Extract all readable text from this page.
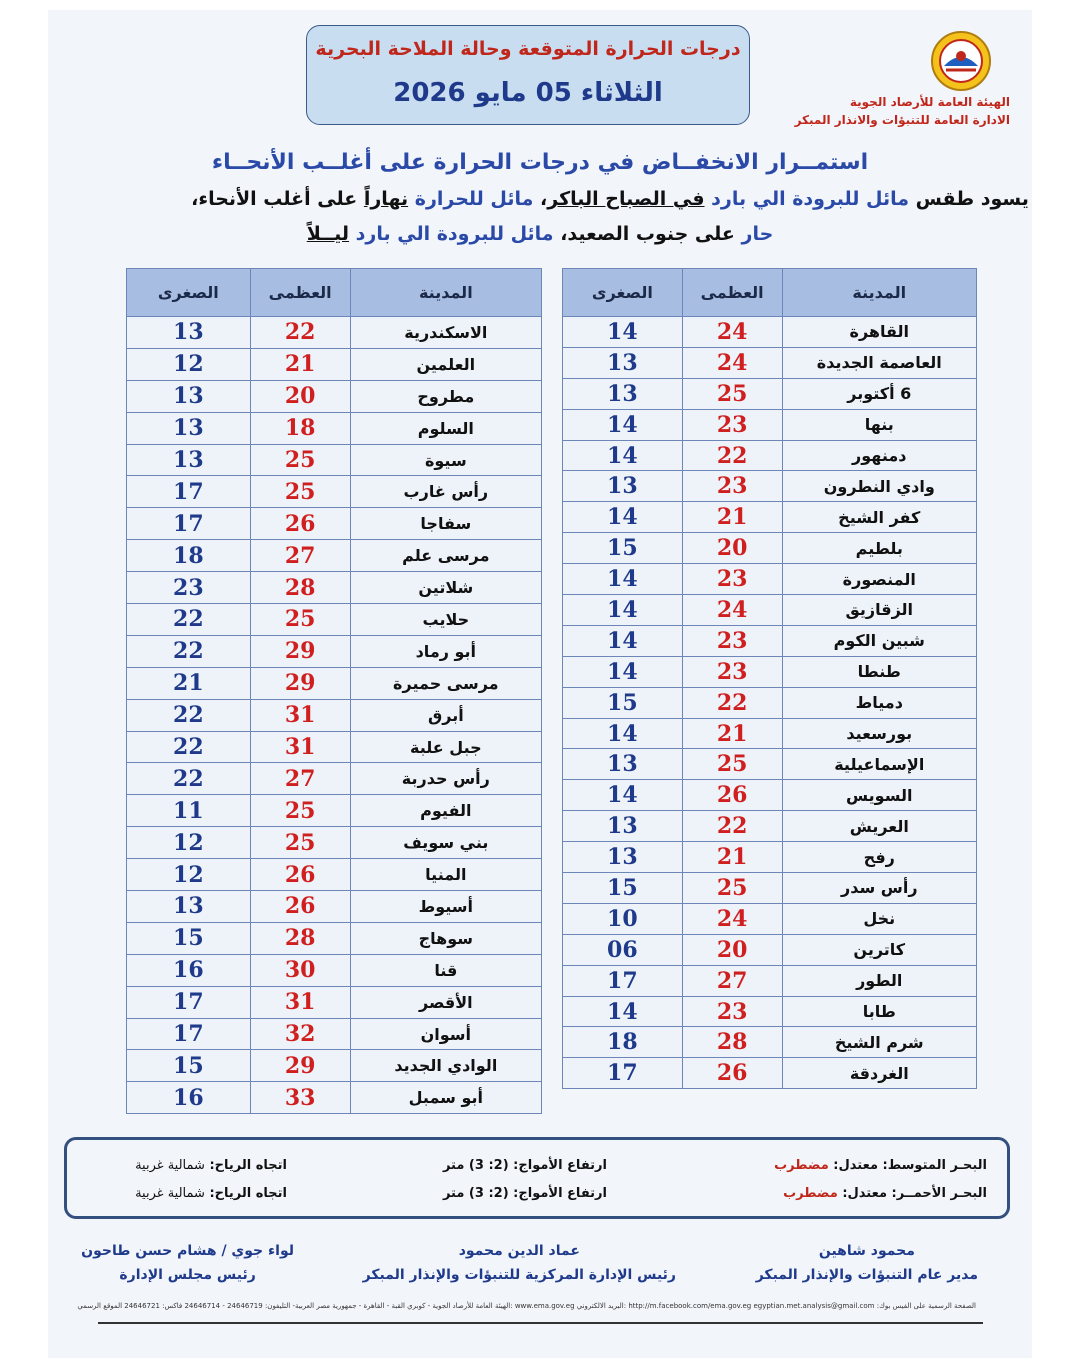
الهيئة العامة للأرصاد الجوية
الادارة العامة للتنبؤات والانذار المبكر
درجات الحرارة المتوقعة وحالة الملاحة البحرية
الثلاثاء 05 مايو 2026
استمــرار الانخفــاض في درجات الحرارة على أغلــب الأنحــاء
يسود طقس مائل للبرودة الي بارد في الصباح الباكر، مائل للحرارة نهاراً على أغلب الأنحاء،
حار على جنوب الصعيد، مائل للبرودة الي بارد ليــلاً
المدينة	العظمى	الصغرى
القاهرة	24	14
العاصمة الجديدة	24	13
6 أكتوبر	25	13
بنها	23	14
دمنهور	22	14
وادي النطرون	23	13
كفر الشيخ	21	14
بلطيم	20	15
المنصورة	23	14
الزقازيق	24	14
شبين الكوم	23	14
طنطا	23	14
دمياط	22	15
بورسعيد	21	14
الإسماعيلية	25	13
السويس	26	14
العريش	22	13
رفح	21	13
رأس سدر	25	15
نخل	24	10
كاترين	20	06
الطور	27	17
طابا	23	14
شرم الشيخ	28	18
الغردقة	26	17
المدينة	العظمى	الصغرى
الاسكندرية	22	13
العلمين	21	12
مطروح	20	13
السلوم	18	13
سيوة	25	13
رأس غارب	25	17
سفاجا	26	17
مرسى علم	27	18
شلاتين	28	23
حلايب	25	22
أبو رماد	29	22
مرسى حميرة	29	21
أبرق	31	22
جبل علبة	31	22
رأس حدربة	27	22
الفيوم	25	11
بني سويف	25	12
المنيا	26	12
أسيوط	26	13
سوهاج	28	15
قنا	30	16
الأقصر	31	17
أسوان	32	17
الوادي الجديد	29	15
أبو سمبل	33	16
البحـر المتوسط: معتدل: مضطرب
ارتفاع الأمواج: (2: 3) متر
اتجاه الرياح: شمالية غربية
البحـر الأحمــر: معتدل: مضطرب
ارتفاع الأمواج: (2: 3) متر
اتجاه الرياح: شمالية غربية
محمود شاهين
مدير عام التنبؤات والإنذار المبكر
عماد الدين محمود
رئيس الإدارة المركزية للتنبؤات والإنذار المبكر
لواء جوي / هشام حسن طاحون
رئيس مجلس الإدارة
الصفحة الرسمية على الفيس بوك: http://m.facebook.com/ema.gov.eg egyptian.met.analysis@gmail.com :البريد الالكتروني www.ema.gov.eg :الهيئة العامة للأرصاد الجوية - كوبري القبة - القاهرة - جمهورية مصر العربية- التليفون: 24646719 - 24646714 فاكس: 24646721 الموقع الرسمي
